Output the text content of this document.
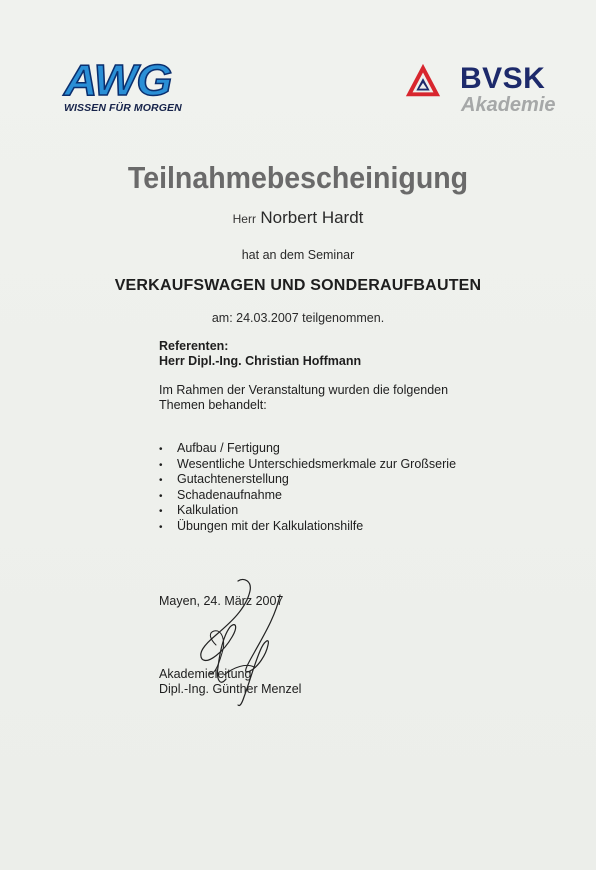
AWG
WISSEN FÜR MORGEN
BVSK
Akademie
Teilnahmebescheinigung
Herr Norbert Hardt
hat an dem Seminar
VERKAUFSWAGEN UND SONDERAUFBAUTEN
am: 24.03.2007 teilgenommen.
Referenten:
Herr Dipl.-Ing. Christian Hoffmann
Im Rahmen der Veranstaltung wurden die folgenden
Themen behandelt:
• Aufbau / Fertigung
• Wesentliche Unterschiedsmerkmale zur Großserie
• Gutachtenerstellung
• Schadenaufnahme
• Kalkulation
• Übungen mit der Kalkulationshilfe
Mayen, 24. März 2007
Akademieleitung
Dipl.-Ing. Günther Menzel
